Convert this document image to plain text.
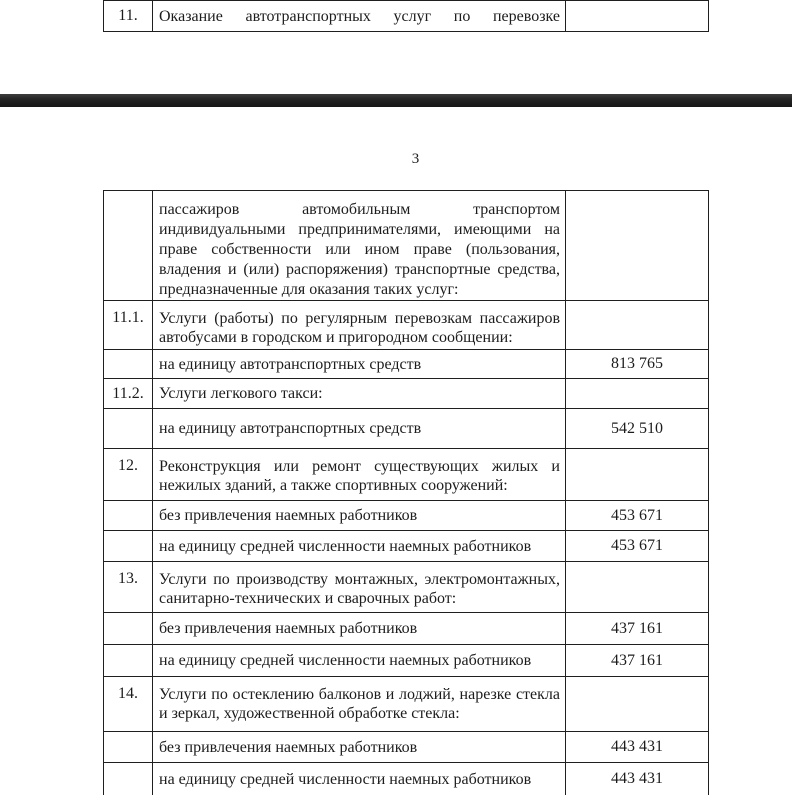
11.	Оказание автотранспортных услуг по перевозке
3
пассажиров автомобильным транспортом
индивидуальными предпринимателями, имеющими на
праве собственности или ином праве (пользования,
владения и (или) распоряжения) транспортные средства,
предназначенные для оказания таких услуг:
11.1. Услуги (работы) по регулярным перевозкам пассажиров
автобусами в городском и пригородном сообщении:
на единицу автотранспортных средств	813 765
11.2. Услуги легкового такси:
на единицу автотранспортных средств	542 510
12.	Реконструкция или ремонт существующих жилых и
нежилых зданий, а также спортивных сооружений:
без привлечения наемных работников	453 671
на единицу средней численности наемных работников	453 671
13.	Услуги по производству монтажных, электромонтажных,
санитарно-технических и сварочных работ:
без привлечения наемных работников	437 161
на единицу средней численности наемных работников	437 161
14.	Услуги по остеклению балконов и лоджий, нарезке стекла
и зеркал, художественной обработке стекла:
без привлечения наемных работников	443 431
на единицу средней численности наемных работников	443 431
